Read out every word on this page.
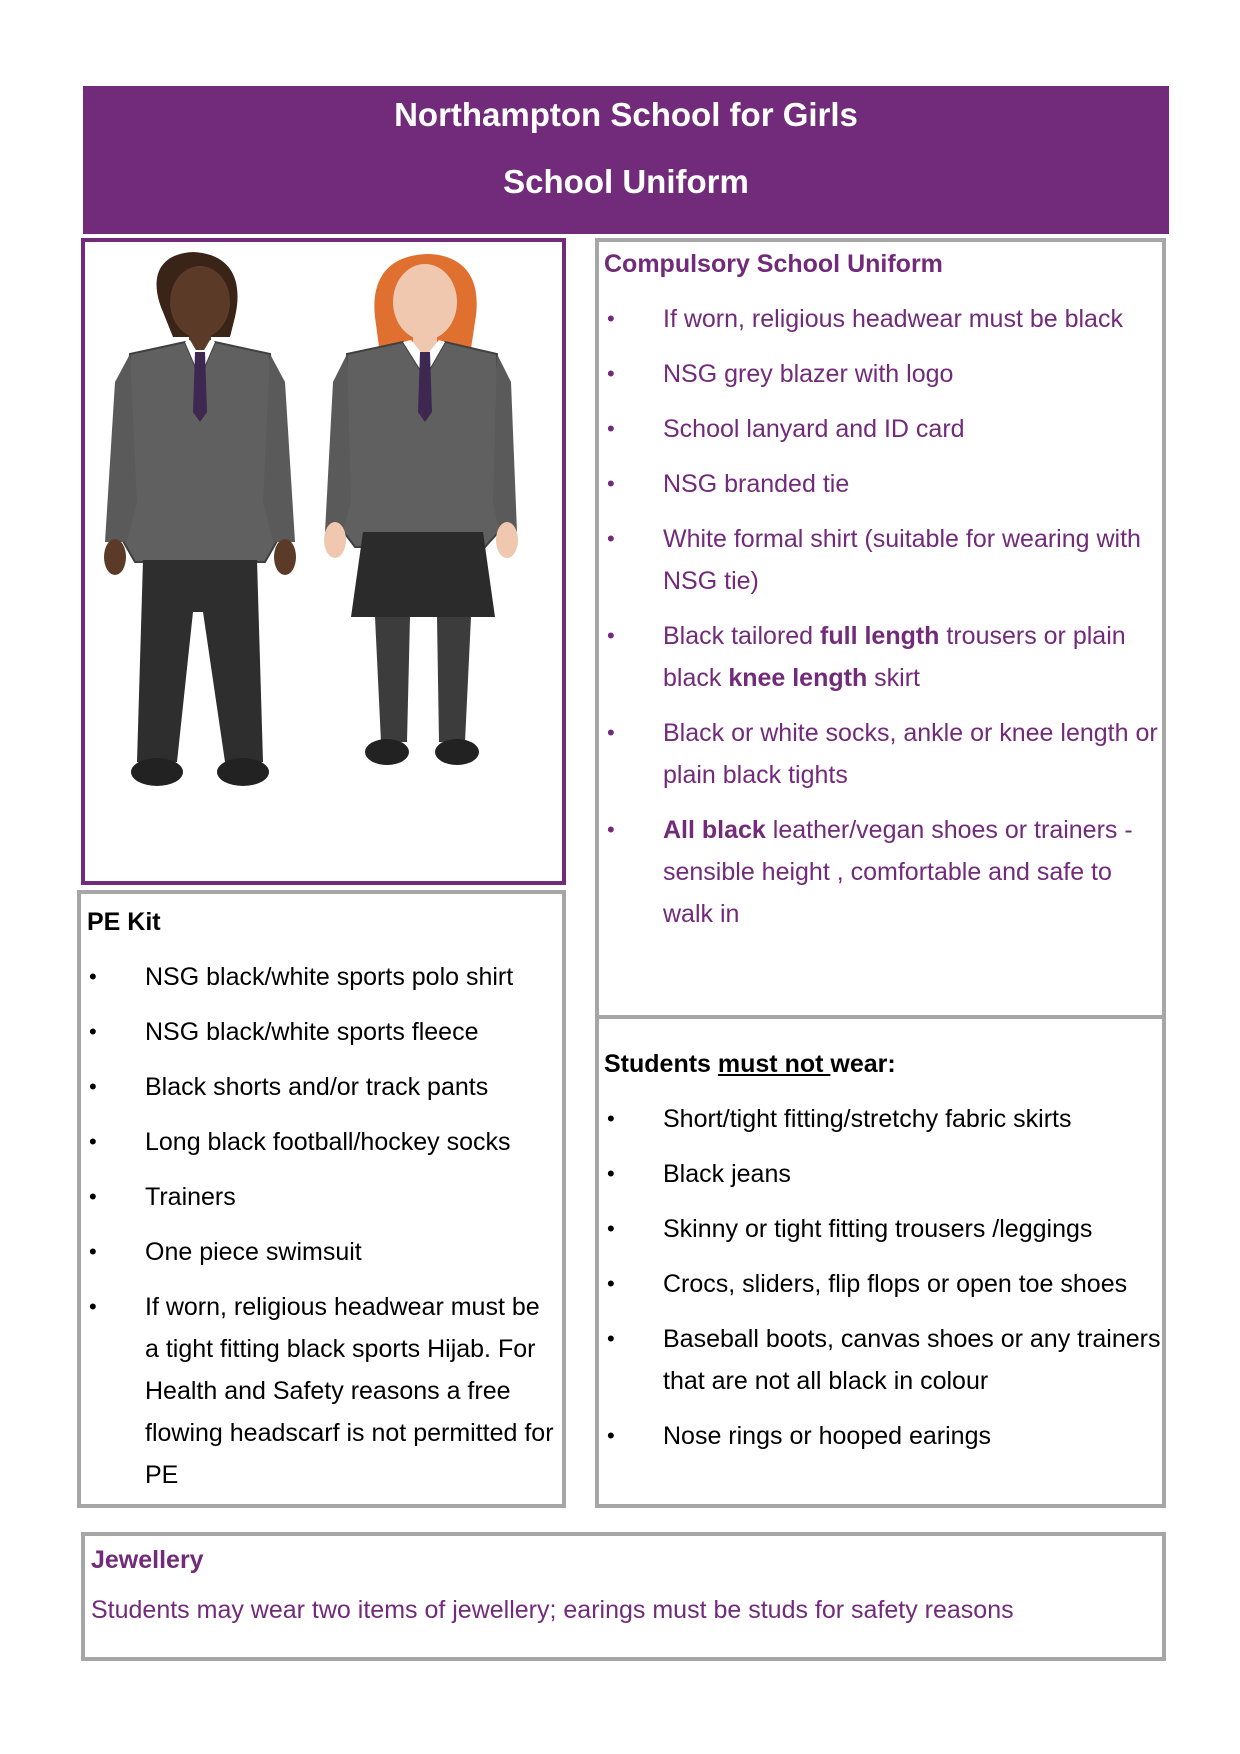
Northampton School for Girls
School Uniform
PE Kit
• NSG black/white sports polo shirt
• NSG black/white sports fleece
• Black shorts and/or track pants
• Long black football/hockey socks
• Trainers
• One piece swimsuit
• If worn, religious headwear must be a tight fitting black sports Hijab. For Health and Safety reasons a free flowing headscarf is not permitted for PE
Compulsory School Uniform
• If worn, religious headwear must be black
• NSG grey blazer with logo
• School lanyard and ID card
• NSG branded tie
• White formal shirt (suitable for wearing with NSG tie)
• Black tailored full length trousers or plain black knee length skirt
• Black or white socks, ankle or knee length or plain black tights
• All black leather/vegan shoes or trainers - sensible height , comfortable and safe to walk in
Students must not wear:
• Short/tight fitting/stretchy fabric skirts
• Black jeans
• Skinny or tight fitting trousers /leggings
• Crocs, sliders, flip flops or open toe shoes
• Baseball boots, canvas shoes or any trainers that are not all black in colour
• Nose rings or hooped earings
Jewellery
Students may wear two items of jewellery; earings must be studs for safety reasons
